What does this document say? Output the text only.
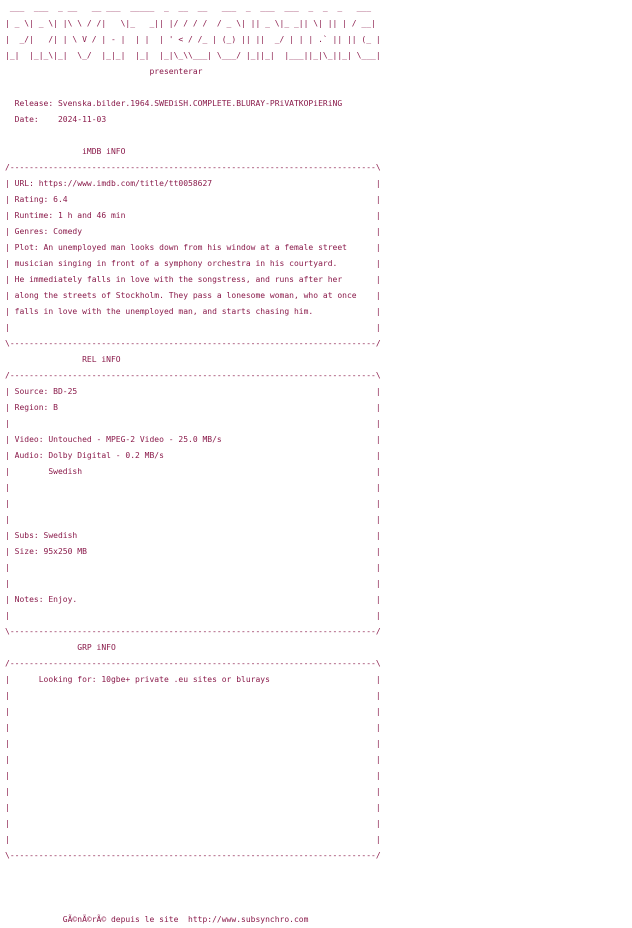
___  ___  _ __   __ ___  _____  _  __  __   ___  _  ___  ___  _  _  _   ___
| _ \| _ \| |\ \ / /|   \|_   _|| |/ / / /  / _ \| || _ \|_ _|| \| || | / __|
|  _/|   /| | \ V / | - |  | |  | ' < / /_ | (_) || ||  _/ | | | .` || || (_ |
|_|  |_|_\|_|  \_/  |_|_|  |_|  |_|\_\\___| \___/ |_||_|  |___||_|\_||_| \___|
presenterar
Release: Svenska.bilder.1964.SWEDiSH.COMPLETE.BLURAY-PRiVATKOPiERiNG
Date:    2024-11-03
iMDB iNFO
/----------------------------------------------------------------------------\
| URL: https://www.imdb.com/title/tt0058627                                  |
| Rating: 6.4                                                                |
| Runtime: 1 h and 46 min                                                    |
| Genres: Comedy                                                             |
| Plot: An unemployed man looks down from his window at a female street      |
| musician singing in front of a symphony orchestra in his courtyard.        |
| He immediately falls in love with the songstress, and runs after her       |
| along the streets of Stockholm. They pass a lonesome woman, who at once    |
| falls in love with the unemployed man, and starts chasing him.             |
|                                                                            |
\----------------------------------------------------------------------------/
REL iNFO
/----------------------------------------------------------------------------\
| Source: BD-25                                                              |
| Region: B                                                                  |
|                                                                            |
| Video: Untouched - MPEG-2 Video - 25.0 MB/s                                |
| Audio: Dolby Digital - 0.2 MB/s                                            |
|        Swedish                                                             |
|                                                                            |
|                                                                            |
|                                                                            |
| Subs: Swedish                                                              |
| Size: 95x250 MB                                                            |
|                                                                            |
|                                                                            |
| Notes: Enjoy.                                                              |
|                                                                            |
\----------------------------------------------------------------------------/
GRP iNFO
/----------------------------------------------------------------------------\
|      Looking for: 10gbe+ private .eu sites or blurays                      |
|                                                                            |
|                                                                            |
|                                                                            |
|                                                                            |
|                                                                            |
|                                                                            |
|                                                                            |
|                                                                            |
|                                                                            |
|                                                                            |
\----------------------------------------------------------------------------/
GÃ©nÃ©rÃ© depuis le site  http://www.subsynchro.com
